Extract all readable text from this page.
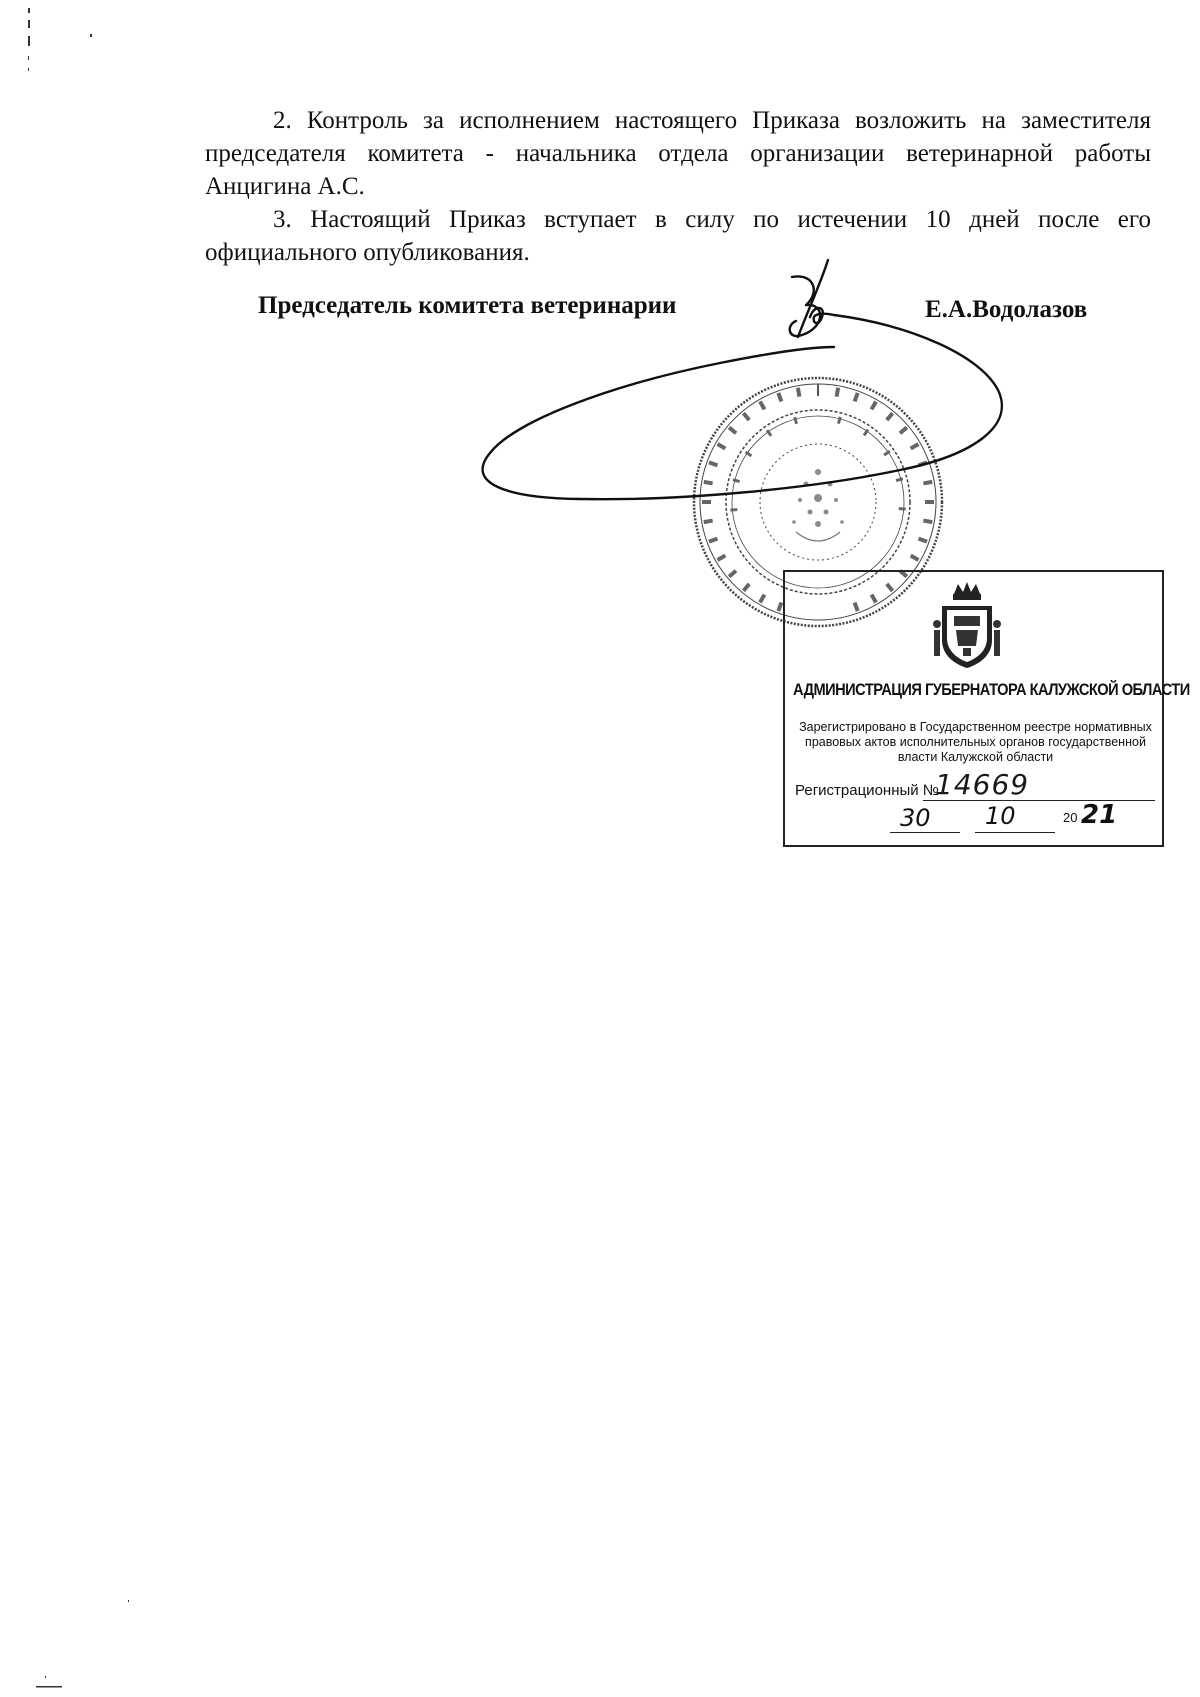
2. Контроль за исполнением настоящего Приказа возложить на заместителя председателя комитета - начальника отдела организации ветеринарной работы Анцигина А.С.

3. Настоящий Приказ вступает в силу по истечении 10 дней после его официального опубликования.

Председатель комитета ветеринарии	Е.А.Водолазов
АДМИНИСТРАЦИЯ ГУБЕРНАТОРА КАЛУЖСКОЙ ОБЛАСТИ
Зарегистрировано в Государственном реестре нормативных правовых актов исполнительных органов государственной власти Калужской области
Регистрационный №
14669
30 10	20 21
